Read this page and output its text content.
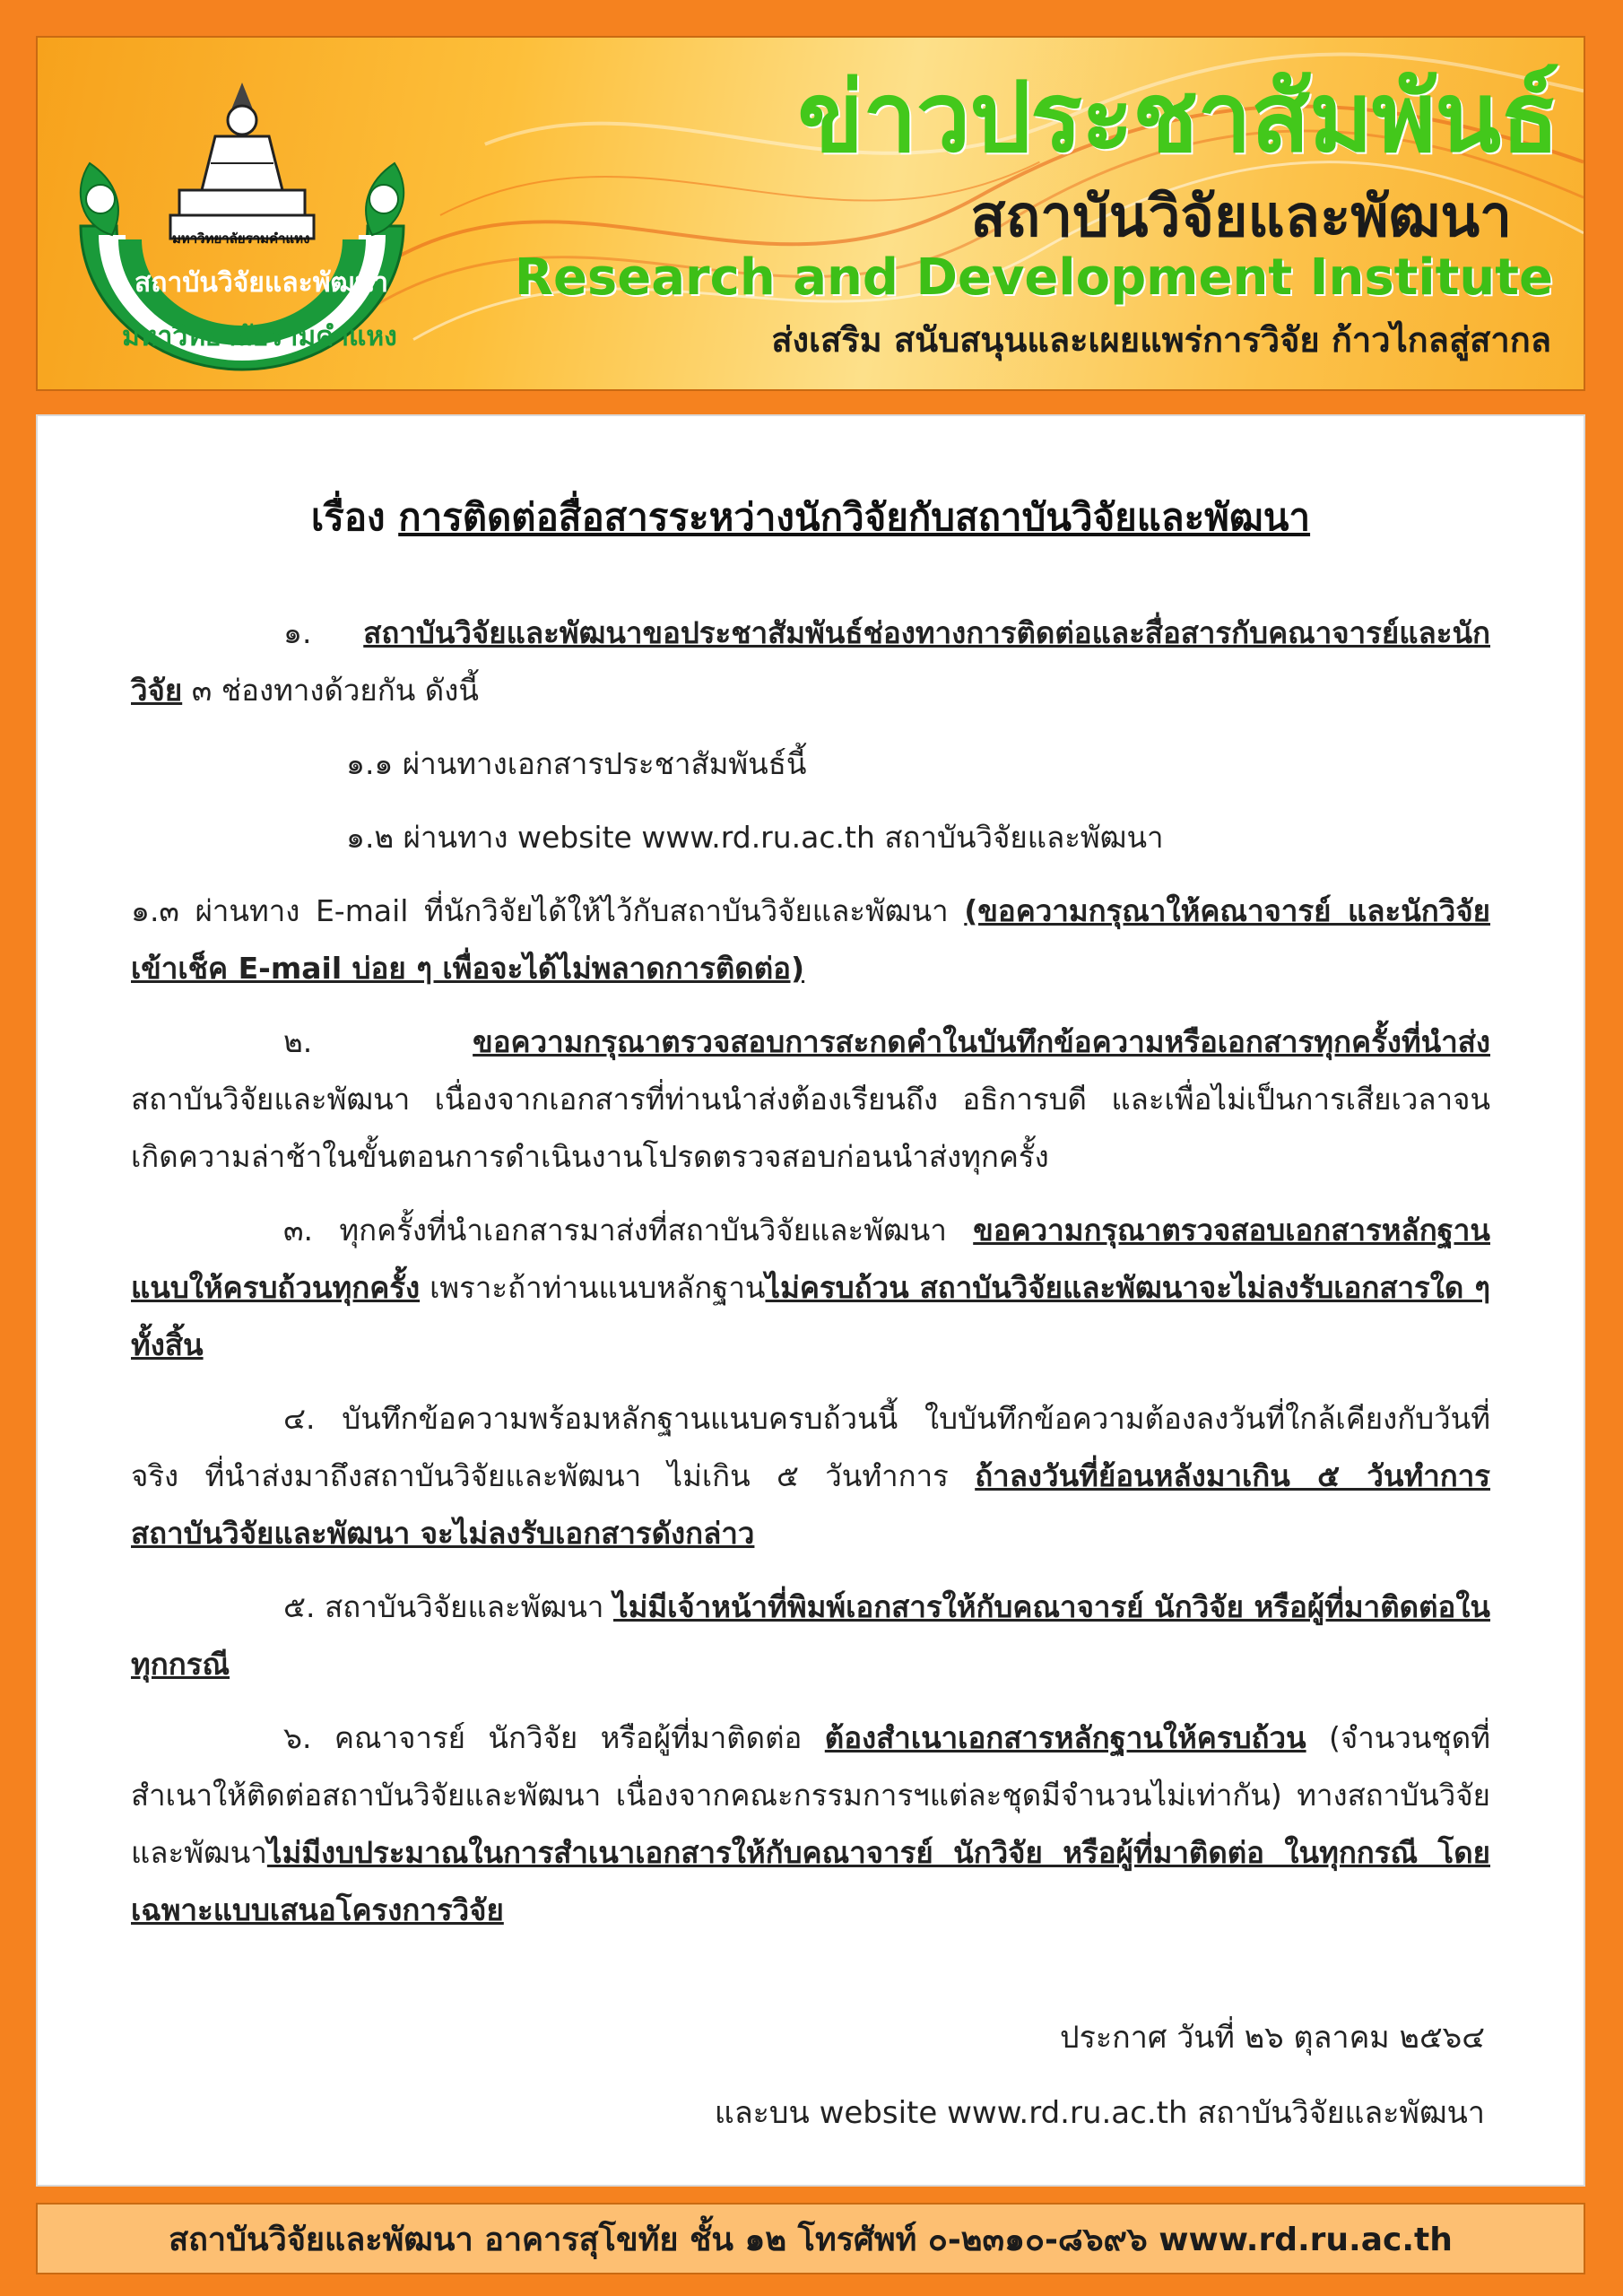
มหาวิทยาลัยรามคำแหง
สถาบันวิจัยและพัฒนา
มหาวิทยาลัยรามคำแหง
ข่าวประชาสัมพันธ์
สถาบันวิจัยและพัฒนา
Research and Development Institute
ส่งเสริม สนับสนุนและเผยแพร่การวิจัย ก้าวไกลสู่สากล
เรื่อง การติดต่อสื่อสารระหว่างนักวิจัยกับสถาบันวิจัยและพัฒนา

๑. สถาบันวิจัยและพัฒนาขอประชาสัมพันธ์ช่องทางการติดต่อและสื่อสารกับคณาจารย์และนักวิจัย ๓ ช่องทางด้วยกัน ดังนี้

๑.๑ ผ่านทางเอกสารประชาสัมพันธ์นี้

๑.๒ ผ่านทาง website www.rd.ru.ac.th สถาบันวิจัยและพัฒนา

๑.๓ ผ่านทาง E-mail ที่นักวิจัยได้ให้ไว้กับสถาบันวิจัยและพัฒนา (ขอความกรุณาให้คณาจารย์ และนักวิจัย เข้าเช็ค E-mail บ่อย ๆ เพื่อจะได้ไม่พลาดการติดต่อ)

๒.	ขอความกรุณาตรวจสอบการสะกดคำในบันทึกข้อความหรือเอกสารทุกครั้งที่นำส่ง สถาบันวิจัยและพัฒนา เนื่องจากเอกสารที่ท่านนำส่งต้องเรียนถึง อธิการบดี และเพื่อไม่เป็นการเสียเวลาจนเกิดความล่าช้าในขั้นตอนการดำเนินงานโปรดตรวจสอบก่อนนำส่งทุกครั้ง

๓. ทุกครั้งที่นำเอกสารมาส่งที่สถาบันวิจัยและพัฒนา ขอความกรุณาตรวจสอบเอกสารหลักฐานแนบให้ครบถ้วนทุกครั้ง เพราะถ้าท่านแนบหลักฐานไม่ครบถ้วน สถาบันวิจัยและพัฒนาจะไม่ลงรับเอกสารใด ๆ ทั้งสิ้น

๔. บันทึกข้อความพร้อมหลักฐานแนบครบถ้วนนี้ ใบบันทึกข้อความต้องลงวันที่ใกล้เคียงกับวันที่จริง ที่นำส่งมาถึงสถาบันวิจัยและพัฒนา ไม่เกิน ๕ วันทำการ ถ้าลงวันที่ย้อนหลังมาเกิน ๕ วันทำการ สถาบันวิจัยและพัฒนา จะไม่ลงรับเอกสารดังกล่าว

๕. สถาบันวิจัยและพัฒนา ไม่มีเจ้าหน้าที่พิมพ์เอกสารให้กับคณาจารย์ นักวิจัย หรือผู้ที่มาติดต่อในทุกกรณี

๖. คณาจารย์ นักวิจัย หรือผู้ที่มาติดต่อ ต้องสำเนาเอกสารหลักฐานให้ครบถ้วน (จำนวนชุดที่สำเนาให้ติดต่อสถาบันวิจัยและพัฒนา เนื่องจากคณะกรรมการฯแต่ละชุดมีจำนวนไม่เท่ากัน) ทางสถาบันวิจัยและพัฒนาไม่มีงบประมาณในการสำเนาเอกสารให้กับคณาจารย์ นักวิจัย หรือผู้ที่มาติดต่อ ในทุกกรณี โดยเฉพาะแบบเสนอโครงการวิจัย

ประกาศ วันที่ ๒๖ ตุลาคม ๒๕๖๔
และบน website www.rd.ru.ac.th สถาบันวิจัยและพัฒนา
สถาบันวิจัยและพัฒนา อาคารสุโขทัย ชั้น ๑๒ โทรศัพท์ ๐-๒๓๑๐-๘๖๙๖ www.rd.ru.ac.th
